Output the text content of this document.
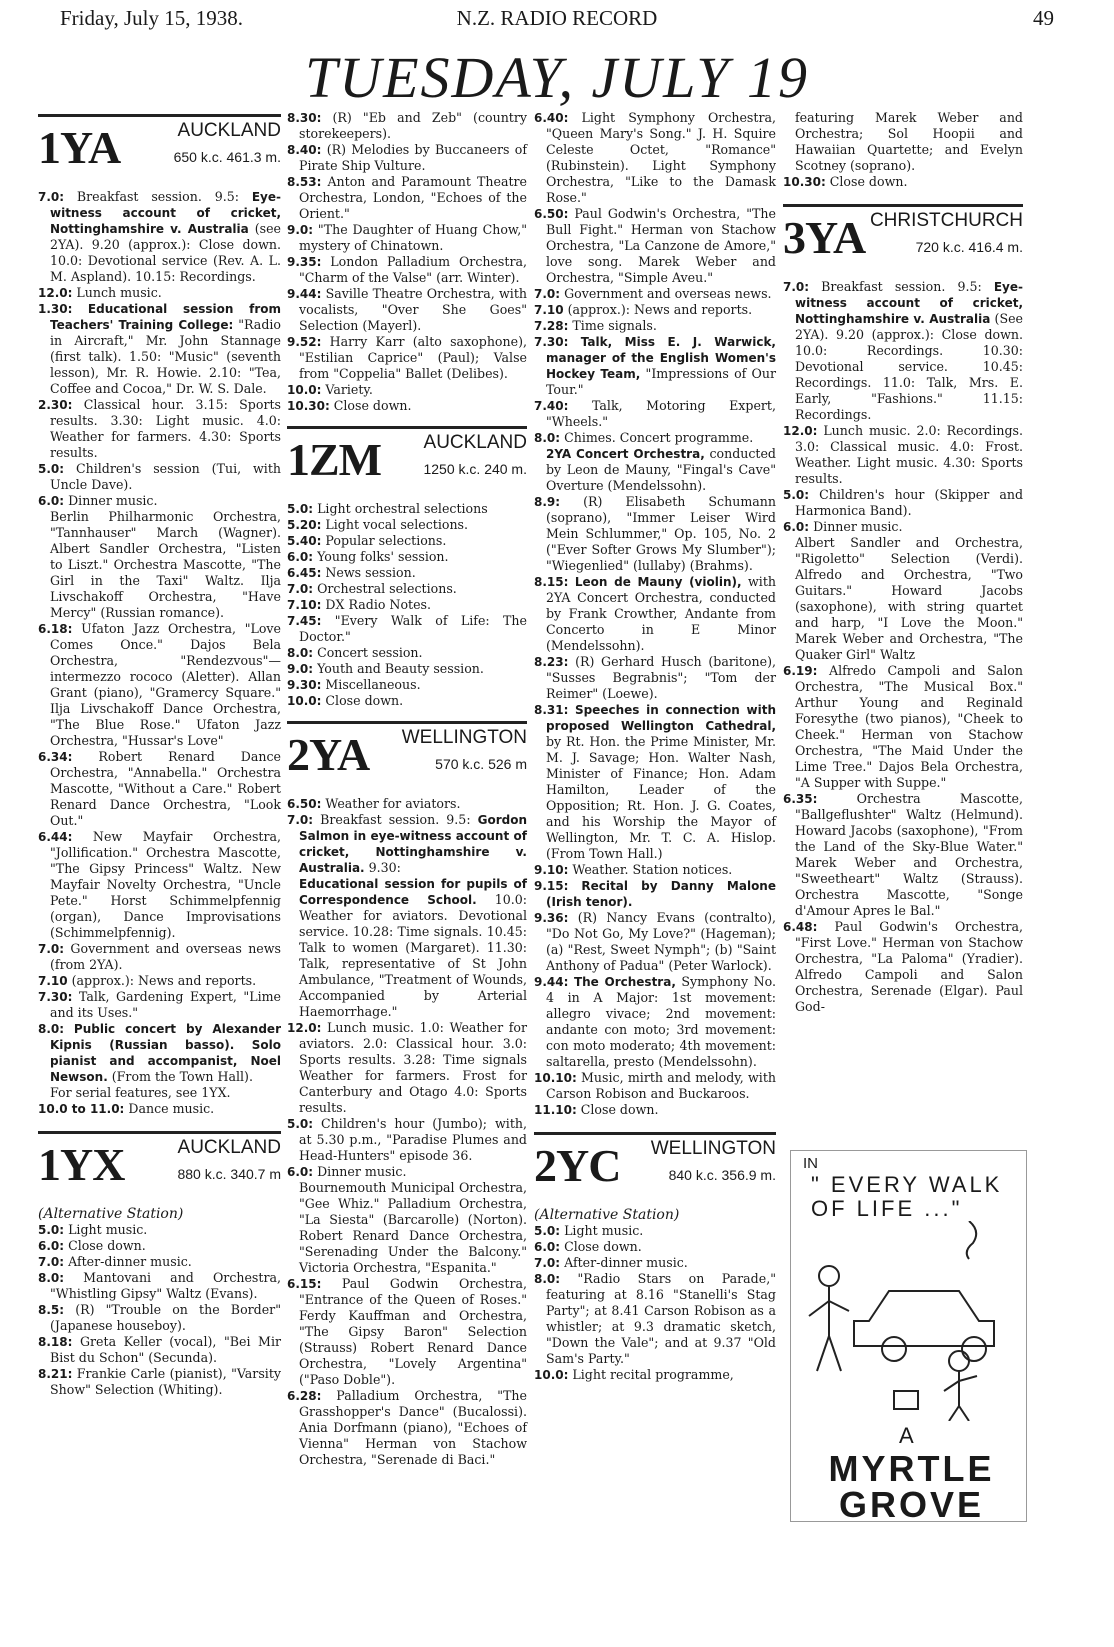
Friday, July 15, 1938.	N.Z. RADIO RECORD	49
TUESDAY, JULY 19
1YA	AUCKLAND
650 k.c. 461.3 m.

7.0: Breakfast session. 9.5: Eye-witness account of cricket, Nottinghamshire v. Australia (see 2YA). 9.20 (approx.): Close down. 10.0: Devotional service (Rev. A. L. M. Aspland). 10.15: Recordings.

12.0: Lunch music.

1.30: Educational session from Teachers' Training College: "Radio in Aircraft," Mr. John Stannage (first talk). 1.50: "Music" (seventh lesson), Mr. R. Howie. 2.10: "Tea, Coffee and Cocoa," Dr. W. S. Dale.

2.30: Classical hour. 3.15: Sports results. 3.30: Light music. 4.0: Weather for farmers. 4.30: Sports results.

5.0: Children's session (Tui, with Uncle Dave).

6.0: Dinner music.

Berlin Philharmonic Orchestra, "Tannhauser" March (Wagner). Albert Sandler Orchestra, "Listen to Liszt." Orchestra Mascotte, "The Girl in the Taxi" Waltz. Ilja Livschakoff Orchestra, "Have Mercy" (Russian romance).

6.18: Ufaton Jazz Orchestra, "Love Comes Once." Dajos Bela Orchestra, "Rendezvous"—intermezzo rococo (Aletter). Allan Grant (piano), "Gramercy Square." Ilja Livschakoff Dance Orchestra, "The Blue Rose." Ufaton Jazz Orchestra, "Hussar's Love"

6.34: Robert Renard Dance Orchestra, "Annabella." Orchestra Mascotte, "Without a Care." Robert Renard Dance Orchestra, "Look Out."

6.44: New Mayfair Orchestra, "Jollification." Orchestra Mascotte, "The Gipsy Princess" Waltz. New Mayfair Novelty Orchestra, "Uncle Pete." Horst Schimmelpfennig (organ), Dance Improvisations (Schimmelpfennig).

7.0: Government and overseas news (from 2YA).

7.10 (approx.): News and reports.

7.30: Talk, Gardening Expert, "Lime and its Uses."

8.0: Public concert by Alexander Kipnis (Russian basso). Solo pianist and accompanist, Noel Newson. (From the Town Hall).

For serial features, see 1YX.

10.0 to 11.0: Dance music.

1YX	AUCKLAND
880 k.c. 340.7 m

(Alternative Station)

5.0: Light music.

6.0: Close down.

7.0: After-dinner music.

8.0: Mantovani and Orchestra, "Whistling Gipsy" Waltz (Evans).

8.5: (R) "Trouble on the Border" (Japanese houseboy).

8.18: Greta Keller (vocal), "Bei Mir Bist du Schon" (Secunda).

8.21: Frankie Carle (pianist), "Varsity Show" Selection (Whiting).

8.30: (R) "Eb and Zeb" (country storekeepers).

8.40: (R) Melodies by Buccaneers of Pirate Ship Vulture.

8.53: Anton and Paramount Theatre Orchestra, London, "Echoes of the Orient."

9.0: "The Daughter of Huang Chow," mystery of Chinatown.

9.35: London Palladium Orchestra, "Charm of the Valse" (arr. Winter).

9.44: Saville Theatre Orchestra, with vocalists, "Over She Goes" Selection (Mayerl).

9.52: Harry Karr (alto saxophone), "Estilian Caprice" (Paul); Valse from "Coppelia" Ballet (Delibes).

10.0: Variety.

10.30: Close down.

1ZM AUCKLAND
1250 k.c. 240 m.

5.0: Light orchestral selections

5.20: Light vocal selections.

5.40: Popular selections.

6.0: Young folks' session.

6.45: News session.

7.0: Orchestral selections.

7.10: DX Radio Notes.

7.45: "Every Walk of Life: The Doctor."

8.0: Concert session.

9.0: Youth and Beauty session.

9.30: Miscellaneous.

10.0: Close down.

2YA WELLINGTON
570 k.c. 526 m

6.50: Weather for aviators.

7.0: Breakfast session. 9.5: Gordon Salmon in eye-witness account of cricket, Nottinghamshire v. Australia. 9.30:

Educational session for pupils of Correspondence School. 10.0: Weather for aviators. Devotional service. 10.28: Time signals. 10.45: Talk to women (Margaret). 11.30: Talk, representative of St John Ambulance, "Treatment of Wounds, Accompanied by Arterial Haemorrhage."

12.0: Lunch music. 1.0: Weather for aviators. 2.0: Classical hour. 3.0: Sports results. 3.28: Time signals Weather for farmers. Frost for Canterbury and Otago 4.0: Sports results.

5.0: Children's hour (Jumbo); with, at 5.30 p.m., "Paradise Plumes and Head-Hunters" episode 36.

6.0: Dinner music.

Bournemouth Municipal Orchestra, "Gee Whiz." Palladium Orchestra, "La Siesta" (Barcarolle) (Norton). Robert Renard Dance Orchestra, "Serenading Under the Balcony." Victoria Orchestra, "Espanita."

6.15: Paul Godwin Orchestra, "Entrance of the Queen of Roses." Ferdy Kauffman and Orchestra, "The Gipsy Baron" Selection (Strauss) Robert Renard Dance Orchestra, "Lovely Argentina" ("Paso Doble").

6.28: Palladium Orchestra, "The Grasshopper's Dance" (Bucalossi). Ania Dorfmann (piano), "Echoes of Vienna" Herman von Stachow Orchestra, "Serenade di Baci."

6.40: Light Symphony Orchestra, "Queen Mary's Song." J. H. Squire Celeste Octet, "Romance" (Rubinstein). Light Symphony Orchestra, "Like to the Damask Rose."

6.50: Paul Godwin's Orchestra, "The Bull Fight." Herman von Stachow Orchestra, "La Canzone de Amore," love song. Marek Weber and Orchestra, "Simple Aveu."

7.0: Government and overseas news.

7.10 (approx.): News and reports.

7.28: Time signals.

7.30: Talk, Miss E. J. Warwick, manager of the English Women's Hockey Team, "Impressions of Our Tour."

7.40: Talk, Motoring Expert, "Wheels."

8.0: Chimes. Concert programme.

2YA Concert Orchestra, conducted by Leon de Mauny, "Fingal's Cave" Overture (Mendelssohn).

8.9: (R) Elisabeth Schumann (soprano), "Immer Leiser Wird Mein Schlummer," Op. 105, No. 2 ("Ever Softer Grows My Slumber"); "Wiegenlied" (lullaby) (Brahms).

8.15: Leon de Mauny (violin), with 2YA Concert Orchestra, conducted by Frank Crowther, Andante from Concerto in E Minor (Mendelssohn).

8.23: (R) Gerhard Husch (baritone), "Susses Begrabnis"; "Tom der Reimer" (Loewe).

8.31: Speeches in connection with proposed Wellington Cathedral, by Rt. Hon. the Prime Minister, Mr. M. J. Savage; Hon. Walter Nash, Minister of Finance; Hon. Adam Hamilton, Leader of the Opposition; Rt. Hon. J. G. Coates, and his Worship the Mayor of Wellington, Mr. T. C. A. Hislop. (From Town Hall.)

9.10: Weather. Station notices.

9.15: Recital by Danny Malone (Irish tenor).

9.36: (R) Nancy Evans (contralto), "Do Not Go, My Love?" (Hageman); (a) "Rest, Sweet Nymph"; (b) "Saint Anthony of Padua" (Peter Warlock).

9.44: The Orchestra, Symphony No. 4 in A Major: 1st movement: allegro vivace; 2nd movement: andante con moto; 3rd movement: con moto moderato; 4th movement: saltarella, presto (Mendelssohn).

10.10: Music, mirth and melody, with Carson Robison and Buckaroos.

11.10: Close down.

2YC WELLINGTON
840 k.c. 356.9 m.

(Alternative Station)

5.0: Light music.

6.0: Close down.

7.0: After-dinner music.

8.0: "Radio Stars on Parade," featuring at 8.16 "Stanelli's Stag Party"; at 8.41 Carson Robison as a whistler; at 9.3 dramatic sketch, "Down the Vale"; and at 9.37 "Old Sam's Party."

10.0: Light recital programme,

featuring Marek Weber and Orchestra; Sol Hoopii and Hawaiian Quartette; and Evelyn Scotney (soprano).

10.30: Close down.

3YA CHRISTCHURCH
720 k.c. 416.4 m.

7.0: Breakfast session. 9.5: Eye-witness account of cricket, Nottinghamshire v. Australia (See 2YA). 9.20 (approx.): Close down. 10.0: Recordings. 10.30: Devotional service. 10.45: Recordings. 11.0: Talk, Mrs. E. Early, "Fashions." 11.15: Recordings.

12.0: Lunch music. 2.0: Recordings. 3.0: Classical music. 4.0: Frost. Weather. Light music. 4.30: Sports results.

5.0: Children's hour (Skipper and Harmonica Band).

6.0: Dinner music.

Albert Sandler and Orchestra, "Rigoletto" Selection (Verdi). Alfredo and Orchestra, "Two Guitars." Howard Jacobs (saxophone), with string quartet and harp, "I Love the Moon." Marek Weber and Orchestra, "The Quaker Girl" Waltz

6.19: Alfredo Campoli and Salon Orchestra, "The Musical Box." Arthur Young and Reginald Foresythe (two pianos), "Cheek to Cheek." Herman von Stachow Orchestra, "The Maid Under the Lime Tree." Dajos Bela Orchestra, "A Supper with Suppe."

6.35: Orchestra Mascotte, "Ballgeflushter" Waltz (Helmund). Howard Jacobs (saxophone), "From the Land of the Sky-Blue Water." Marek Weber and Orchestra, "Sweetheart" Waltz (Strauss). Orchestra Mascotte, "Songe d'Amour Apres le Bal."

6.48: Paul Godwin's Orchestra, "First Love." Herman von Stachow Orchestra, "La Paloma" (Yradier). Alfredo Campoli and Salon Orchestra, Serenade (Elgar). Paul God-

IN
" EVERY WALK OF LIFE ..."
A
MYRTLE GROVE
